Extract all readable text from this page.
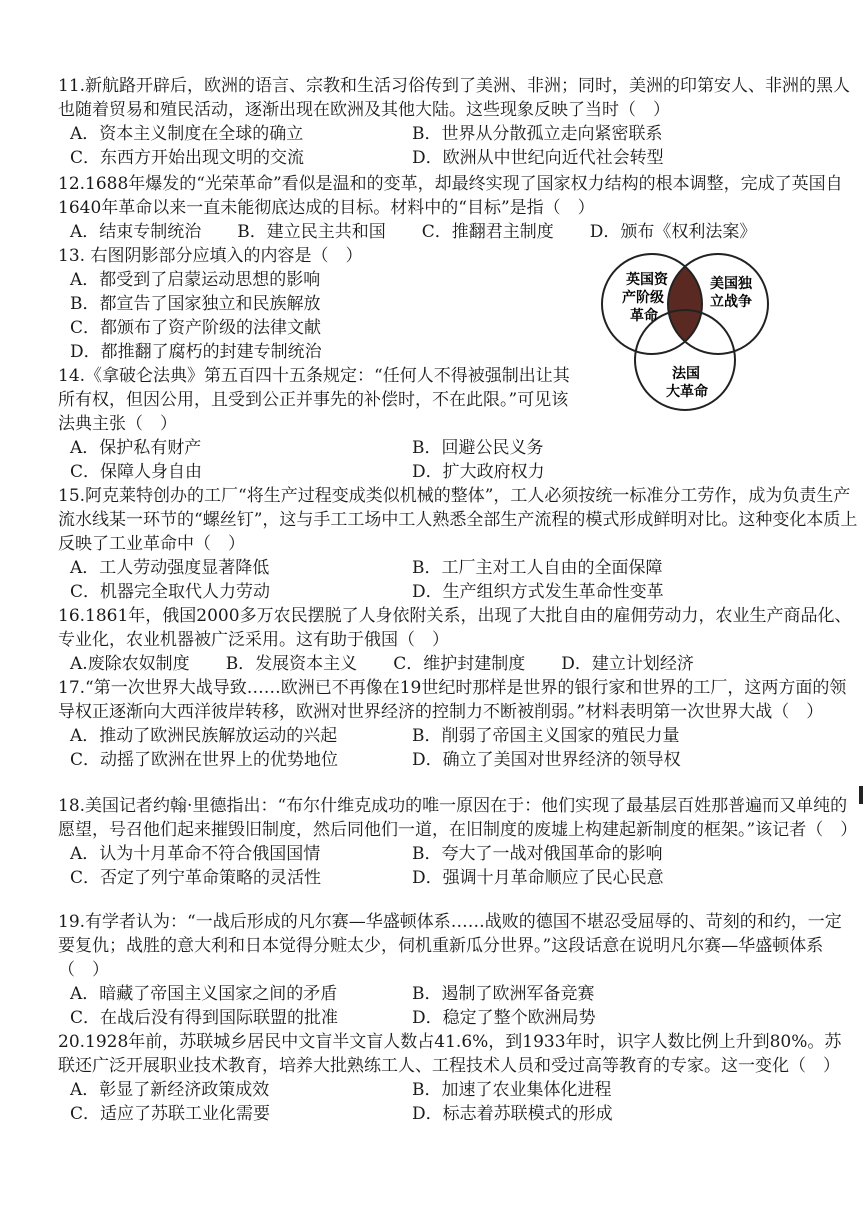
11.新航路开辟后，欧洲的语言、宗教和生活习俗传到了美洲、非洲；同时，美洲的印第安人、非洲的黑人也随着贸易和殖民活动，逐渐出现在欧洲及其他大陆。这些现象反映了当时（　）

A．资本主义制度在全球的确立	B．世界从分散孤立走向紧密联系
C．东西方开始出现文明的交流	D．欧洲从中世纪向近代社会转型

12.1688年爆发的“光荣革命”看似是温和的变革，却最终实现了国家权力结构的根本调整，完成了英国自1640年革命以来一直未能彻底达成的目标。材料中的“目标”是指（　）

A．结束专制统治	B．建立民主共和国	C．推翻君主制度	D．颁布《权利法案》

13. 右图阴影部分应填入的内容是（　）

A．都受到了启蒙运动思想的影响
B．都宣告了国家独立和民族解放
C．都颁布了资产阶级的法律文献
D．都推翻了腐朽的封建专制统治
英国资
产阶级
革命
美国独
立战争
法国
大革命

14.《拿破仑法典》第五百四十五条规定：“任何人不得被强制出让其所有权，但因公用，且受到公正并事先的补偿时，不在此限。”可见该法典主张（　）

A．保护私有财产	B．回避公民义务
C．保障人身自由	D．扩大政府权力

15.阿克莱特创办的工厂“将生产过程变成类似机械的整体”，工人必须按统一标准分工劳作，成为负责生产流水线某一环节的“螺丝钉”，这与手工工场中工人熟悉全部生产流程的模式形成鲜明对比。这种变化本质上反映了工业革命中（　）

A．工人劳动强度显著降低	B．工厂主对工人自由的全面保障
C．机器完全取代人力劳动	D．生产组织方式发生革命性变革

16.1861年，俄国2000多万农民摆脱了人身依附关系，出现了大批自由的雇佣劳动力，农业生产商品化、专业化，农业机器被广泛采用。这有助于俄国（　）

A.废除农奴制度	B．发展资本主义	C．维护封建制度	D．建立计划经济

17.“第一次世界大战导致……欧洲已不再像在19世纪时那样是世界的银行家和世界的工厂，这两方面的领导权正逐渐向大西洋彼岸转移，欧洲对世界经济的控制力不断被削弱。”材料表明第一次世界大战（　）

A．推动了欧洲民族解放运动的兴起	B．削弱了帝国主义国家的殖民力量
C．动摇了欧洲在世界上的优势地位	D．确立了美国对世界经济的领导权

18.美国记者约翰·里德指出：“布尔什维克成功的唯一原因在于：他们实现了最基层百姓那普遍而又单纯的愿望，号召他们起来摧毁旧制度，然后同他们一道，在旧制度的废墟上构建起新制度的框架。”该记者（　）

A．认为十月革命不符合俄国国情	B．夸大了一战对俄国革命的影响
C．否定了列宁革命策略的灵活性	D．强调十月革命顺应了民心民意

19.有学者认为：“一战后形成的凡尔赛—华盛顿体系……战败的德国不堪忍受屈辱的、苛刻的和约，一定要复仇；战胜的意大利和日本觉得分赃太少，伺机重新瓜分世界。”这段话意在说明凡尔赛—华盛顿体系（　）

A．暗藏了帝国主义国家之间的矛盾	B．遏制了欧洲军备竞赛
C．在战后没有得到国际联盟的批准	D．稳定了整个欧洲局势

20.1928年前，苏联城乡居民中文盲半文盲人数占41.6%，到1933年时，识字人数比例上升到80%。苏联还广泛开展职业技术教育，培养大批熟练工人、工程技术人员和受过高等教育的专家。这一变化（　）

A．彰显了新经济政策成效	B．加速了农业集体化进程
C．适应了苏联工业化需要	D．标志着苏联模式的形成
